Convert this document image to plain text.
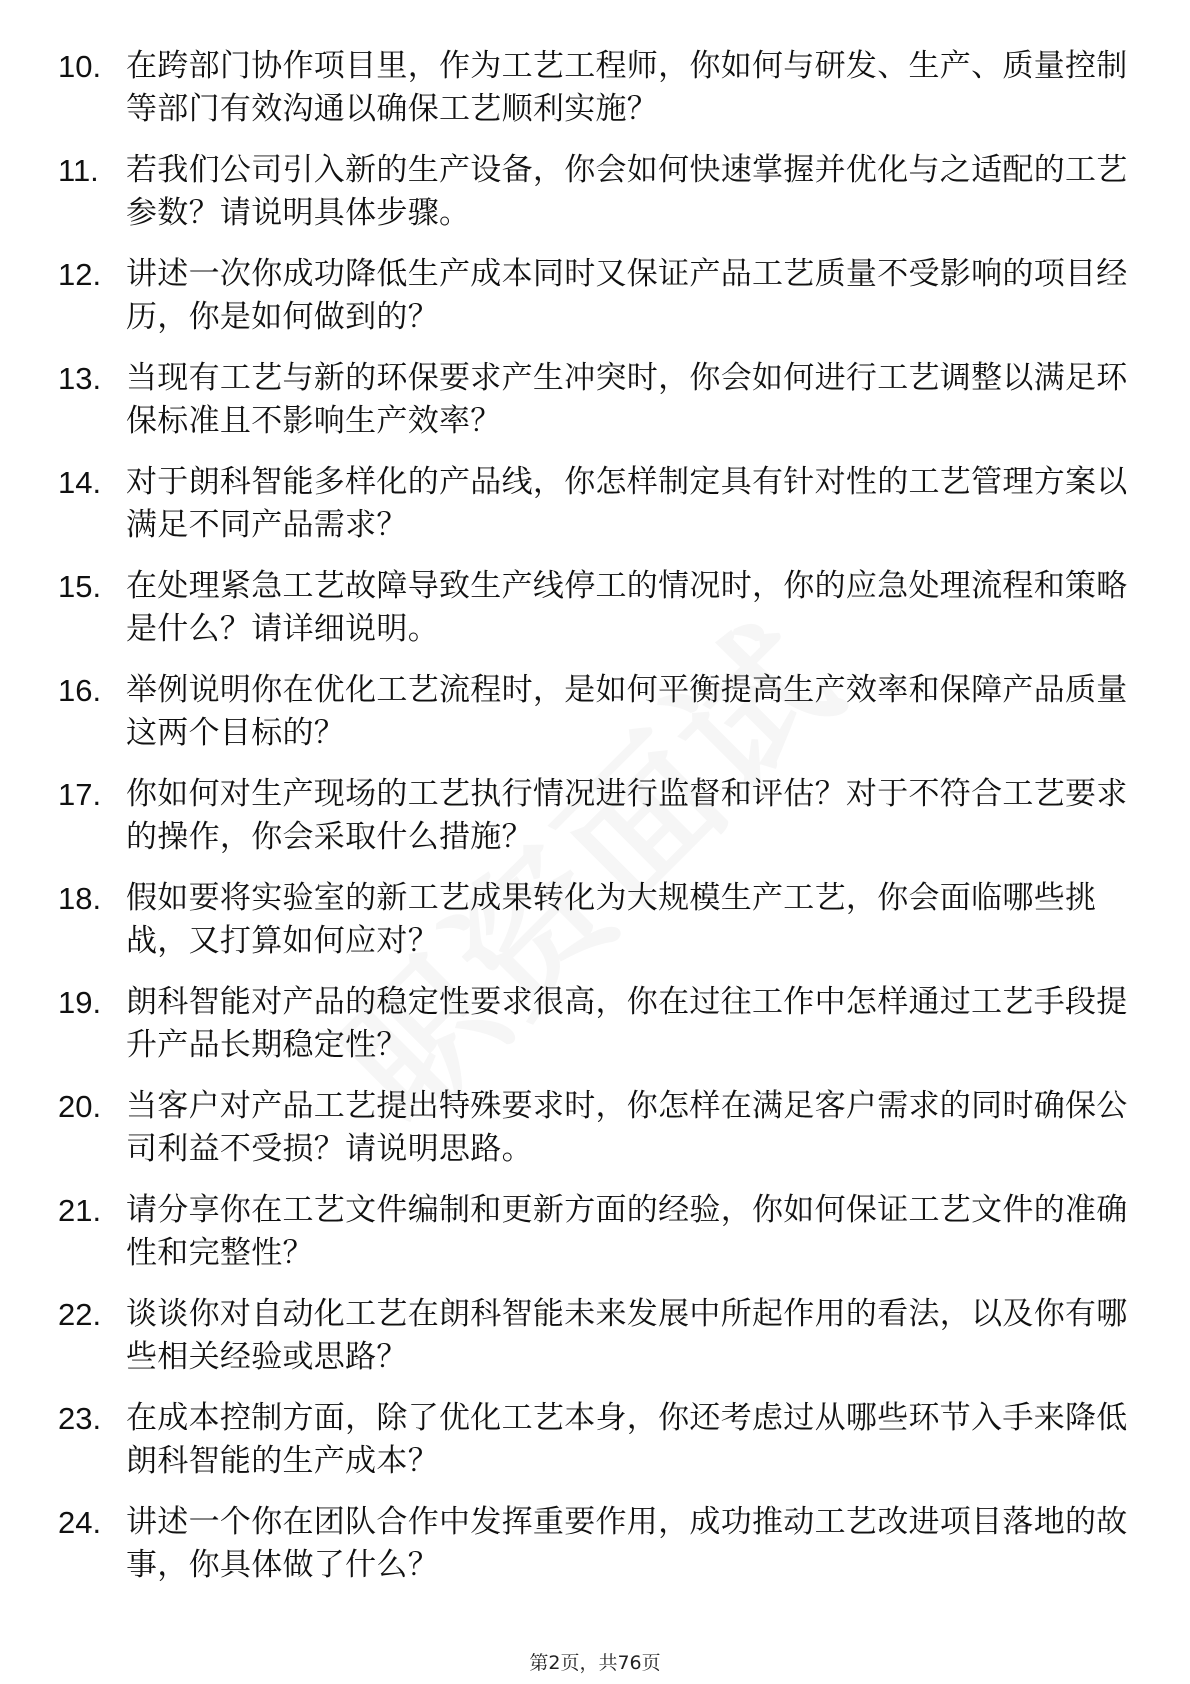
10. 在跨部门协作项目里，作为工艺工程师，你如何与研发、生产、质量控制等部门有效沟通以确保工艺顺利实施？
11. 若我们公司引入新的生产设备，你会如何快速掌握并优化与之适配的工艺参数？请说明具体步骤。
12. 讲述一次你成功降低生产成本同时又保证产品工艺质量不受影响的项目经历，你是如何做到的？
13. 当现有工艺与新的环保要求产生冲突时，你会如何进行工艺调整以满足环保标准且不影响生产效率？
14. 对于朗科智能多样化的产品线，你怎样制定具有针对性的工艺管理方案以满足不同产品需求？
15. 在处理紧急工艺故障导致生产线停工的情况时，你的应急处理流程和策略是什么？请详细说明。
16. 举例说明你在优化工艺流程时，是如何平衡提高生产效率和保障产品质量这两个目标的？
17. 你如何对生产现场的工艺执行情况进行监督和评估？对于不符合工艺要求的操作，你会采取什么措施？
18. 假如要将实验室的新工艺成果转化为大规模生产工艺，你会面临哪些挑战，又打算如何应对？
19. 朗科智能对产品的稳定性要求很高，你在过往工作中怎样通过工艺手段提升产品长期稳定性？
20. 当客户对产品工艺提出特殊要求时，你怎样在满足客户需求的同时确保公司利益不受损？请说明思路。
21. 请分享你在工艺文件编制和更新方面的经验，你如何保证工艺文件的准确性和完整性？
22. 谈谈你对自动化工艺在朗科智能未来发展中所起作用的看法，以及你有哪些相关经验或思路？
23. 在成本控制方面，除了优化工艺本身，你还考虑过从哪些环节入手来降低朗科智能的生产成本？
24. 讲述一个你在团队合作中发挥重要作用，成功推动工艺改进项目落地的故事，你具体做了什么？
第2页，共76页
